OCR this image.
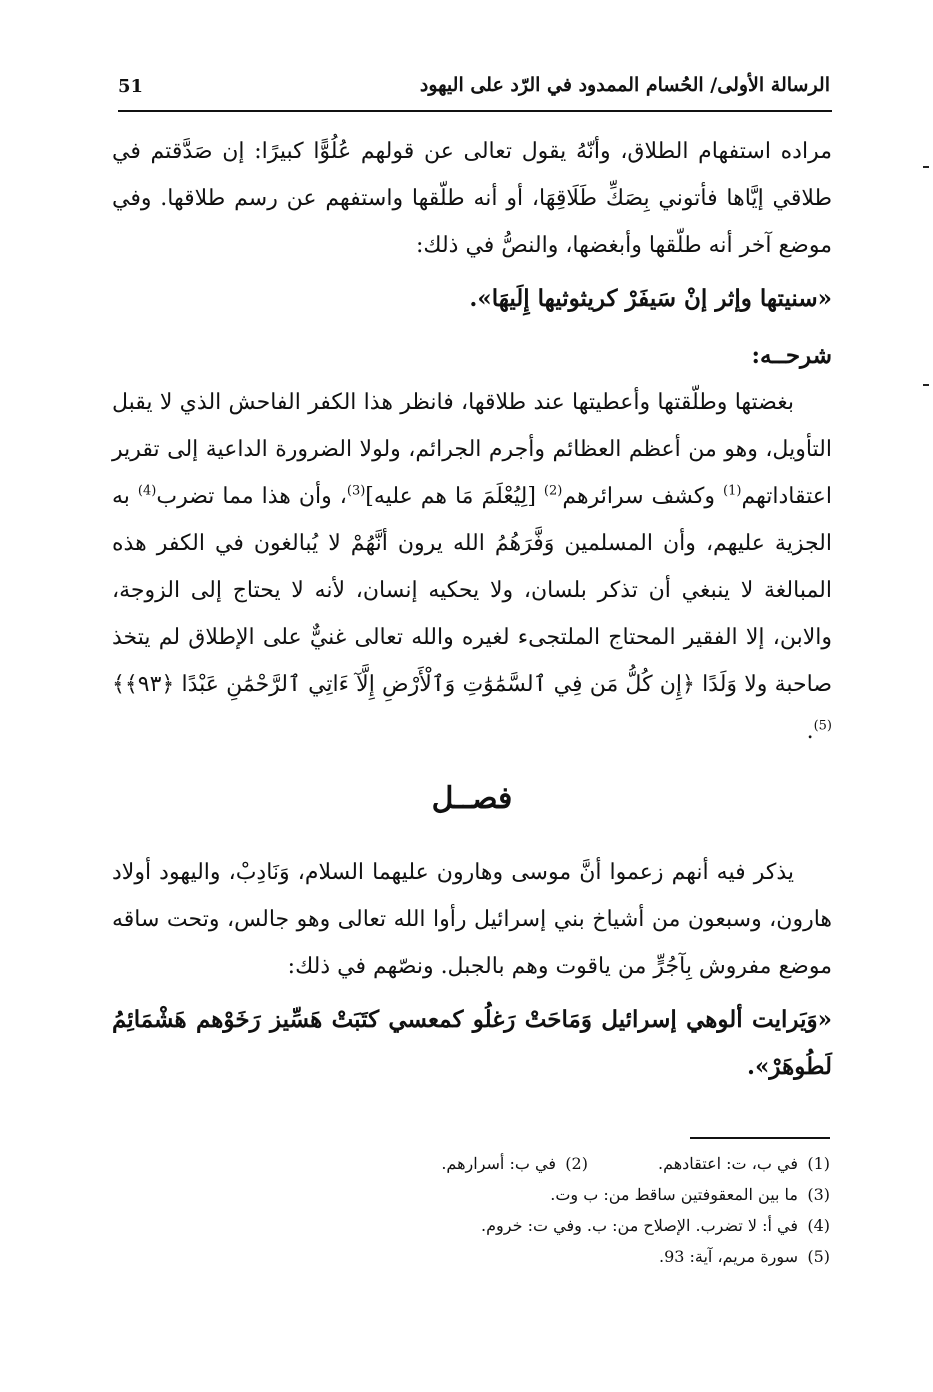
51	الرسالة الأولى/ الحُسام الممدود في الرّد على اليهود

مراده استفهام الطلاق، وأنّهُ يقول تعالى عن قولهم عُلُوًّا كبيرًا: إن صَدَّقتم في طلاقي إيَّاها فأتوني بِصَكِّ طَلَاقِهَا، أو أنه طلّقها واستفهم عن رسم طلاقها. وفي موضع آخر أنه طلّقها وأبغضها، والنصُّ في ذلك:

«سنيتها وإثر إنْ سَيفَرْ كريثوثيها إِلَيهَا».

شرحــه:

بغضتها وطلّقتها وأعطيتها عند طلاقها، فانظر هذا الكفر الفاحش الذي لا يقبل التأويل، وهو من أعظم العظائم وأجرم الجرائم، ولولا الضرورة الداعية إلى تقرير اعتقاداتهم$^{(1)}$ وكشف سرائرهم$^{(2)}$ [لِيُعْلَمَ مَا هم عليه]$^{(3)}$، وأن هذا مما تضرب$^{(4)}$ به الجزية عليهم، وأن المسلمين وَفَّرَهُمُ الله يرون أنَّهُمْ لا يُبالغون في الكفر هذه المبالغة لا ينبغي أن تذكر بلسان، ولا يحكيه إنسان، لأنه لا يحتاج إلى الزوجة، والابن، إلا الفقير المحتاج الملتجىء لغيره والله تعالى غنيٌّ على الإطلاق لم يتخذ صاحبة ولا وَلَدًا ﴿إِن كُلُّ مَن فِي ٱلسَّمَٰوَٰتِ وَٱلْأَرْضِ إِلَّآ ءَاتِي ٱلرَّحْمَٰنِ عَبْدًا ﴿٩٣﴾﴾$^{(5)}$.

فصــل

يذكر فيه أنهم زعموا أنَّ موسى وهارون عليهما السلام، وَنَادِبْ، واليهود أولاد هارون، وسبعون من أشياخ بني إسرائيل رأوا الله تعالى وهو جالس، وتحت ساقه موضع مفروش بِآجُرٍّ من ياقوت وهم بالجبل. ونصّهم في ذلك:

«وَيَرايت ألوهي إسرائيل وَمَاحَتْ رَغلُو كمعسي كتَبَتْ هَسِّيز رَخَوْهم هَشْمَائِمُ لَطُوهَرْ».

(1)في ب، ت: اعتقادهم.(2)في ب: أسرارهم.
(3)ما بين المعقوفتين ساقط من: ب وت.
(4)في أ: لا تضرب. الإصلاح من: ب. وفي ت: خروم.
(5)سورة مريم، آية: 93.
